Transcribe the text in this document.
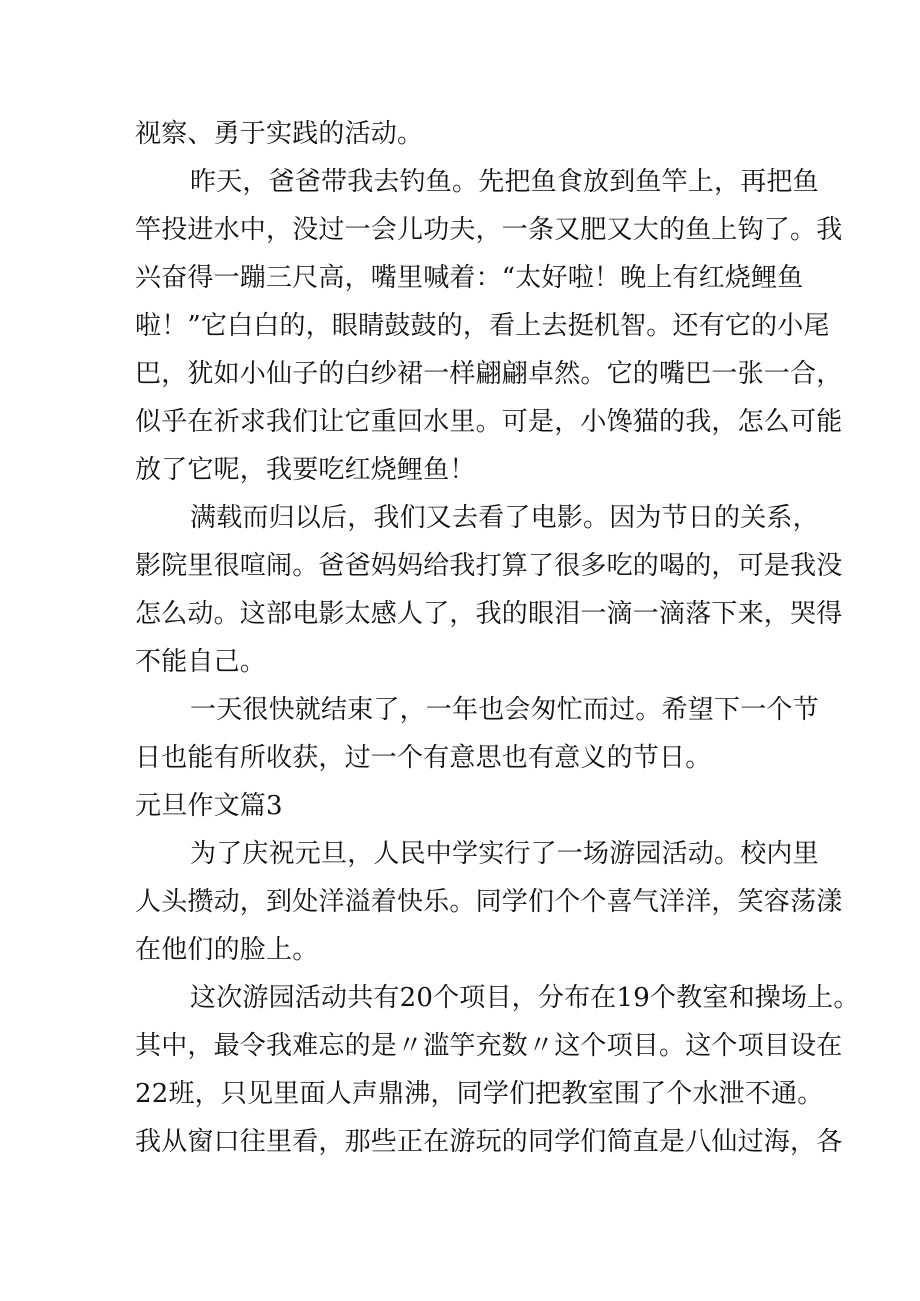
视察、勇于实践的活动。
昨天，爸爸带我去钓鱼。先把鱼食放到鱼竿上，再把鱼
竿投进水中，没过一会儿功夫，一条又肥又大的鱼上钩了。我
兴奋得一蹦三尺高，嘴里喊着：“太好啦！晚上有红烧鲤鱼
啦！”它白白的，眼睛鼓鼓的，看上去挺机智。还有它的小尾
巴，犹如小仙子的白纱裙一样翩翩卓然。它的嘴巴一张一合，
似乎在祈求我们让它重回水里。可是，小馋猫的我，怎么可能
放了它呢，我要吃红烧鲤鱼！
满载而归以后，我们又去看了电影。因为节日的关系，
影院里很喧闹。爸爸妈妈给我打算了很多吃的喝的，可是我没
怎么动。这部电影太感人了，我的眼泪一滴一滴落下来，哭得
不能自己。
一天很快就结束了，一年也会匆忙而过。希望下一个节
日也能有所收获，过一个有意思也有意义的节日。
元旦作文篇3
为了庆祝元旦，人民中学实行了一场游园活动。校内里
人头攒动，到处洋溢着快乐。同学们个个喜气洋洋，笑容荡漾
在他们的脸上。
这次游园活动共有20个项目，分布在19个教室和操场上。
其中，最令我难忘的是〃滥竽充数〃这个项目。这个项目设在
22班，只见里面人声鼎沸，同学们把教室围了个水泄不通。
我从窗口往里看，那些正在游玩的同学们简直是八仙过海，各
